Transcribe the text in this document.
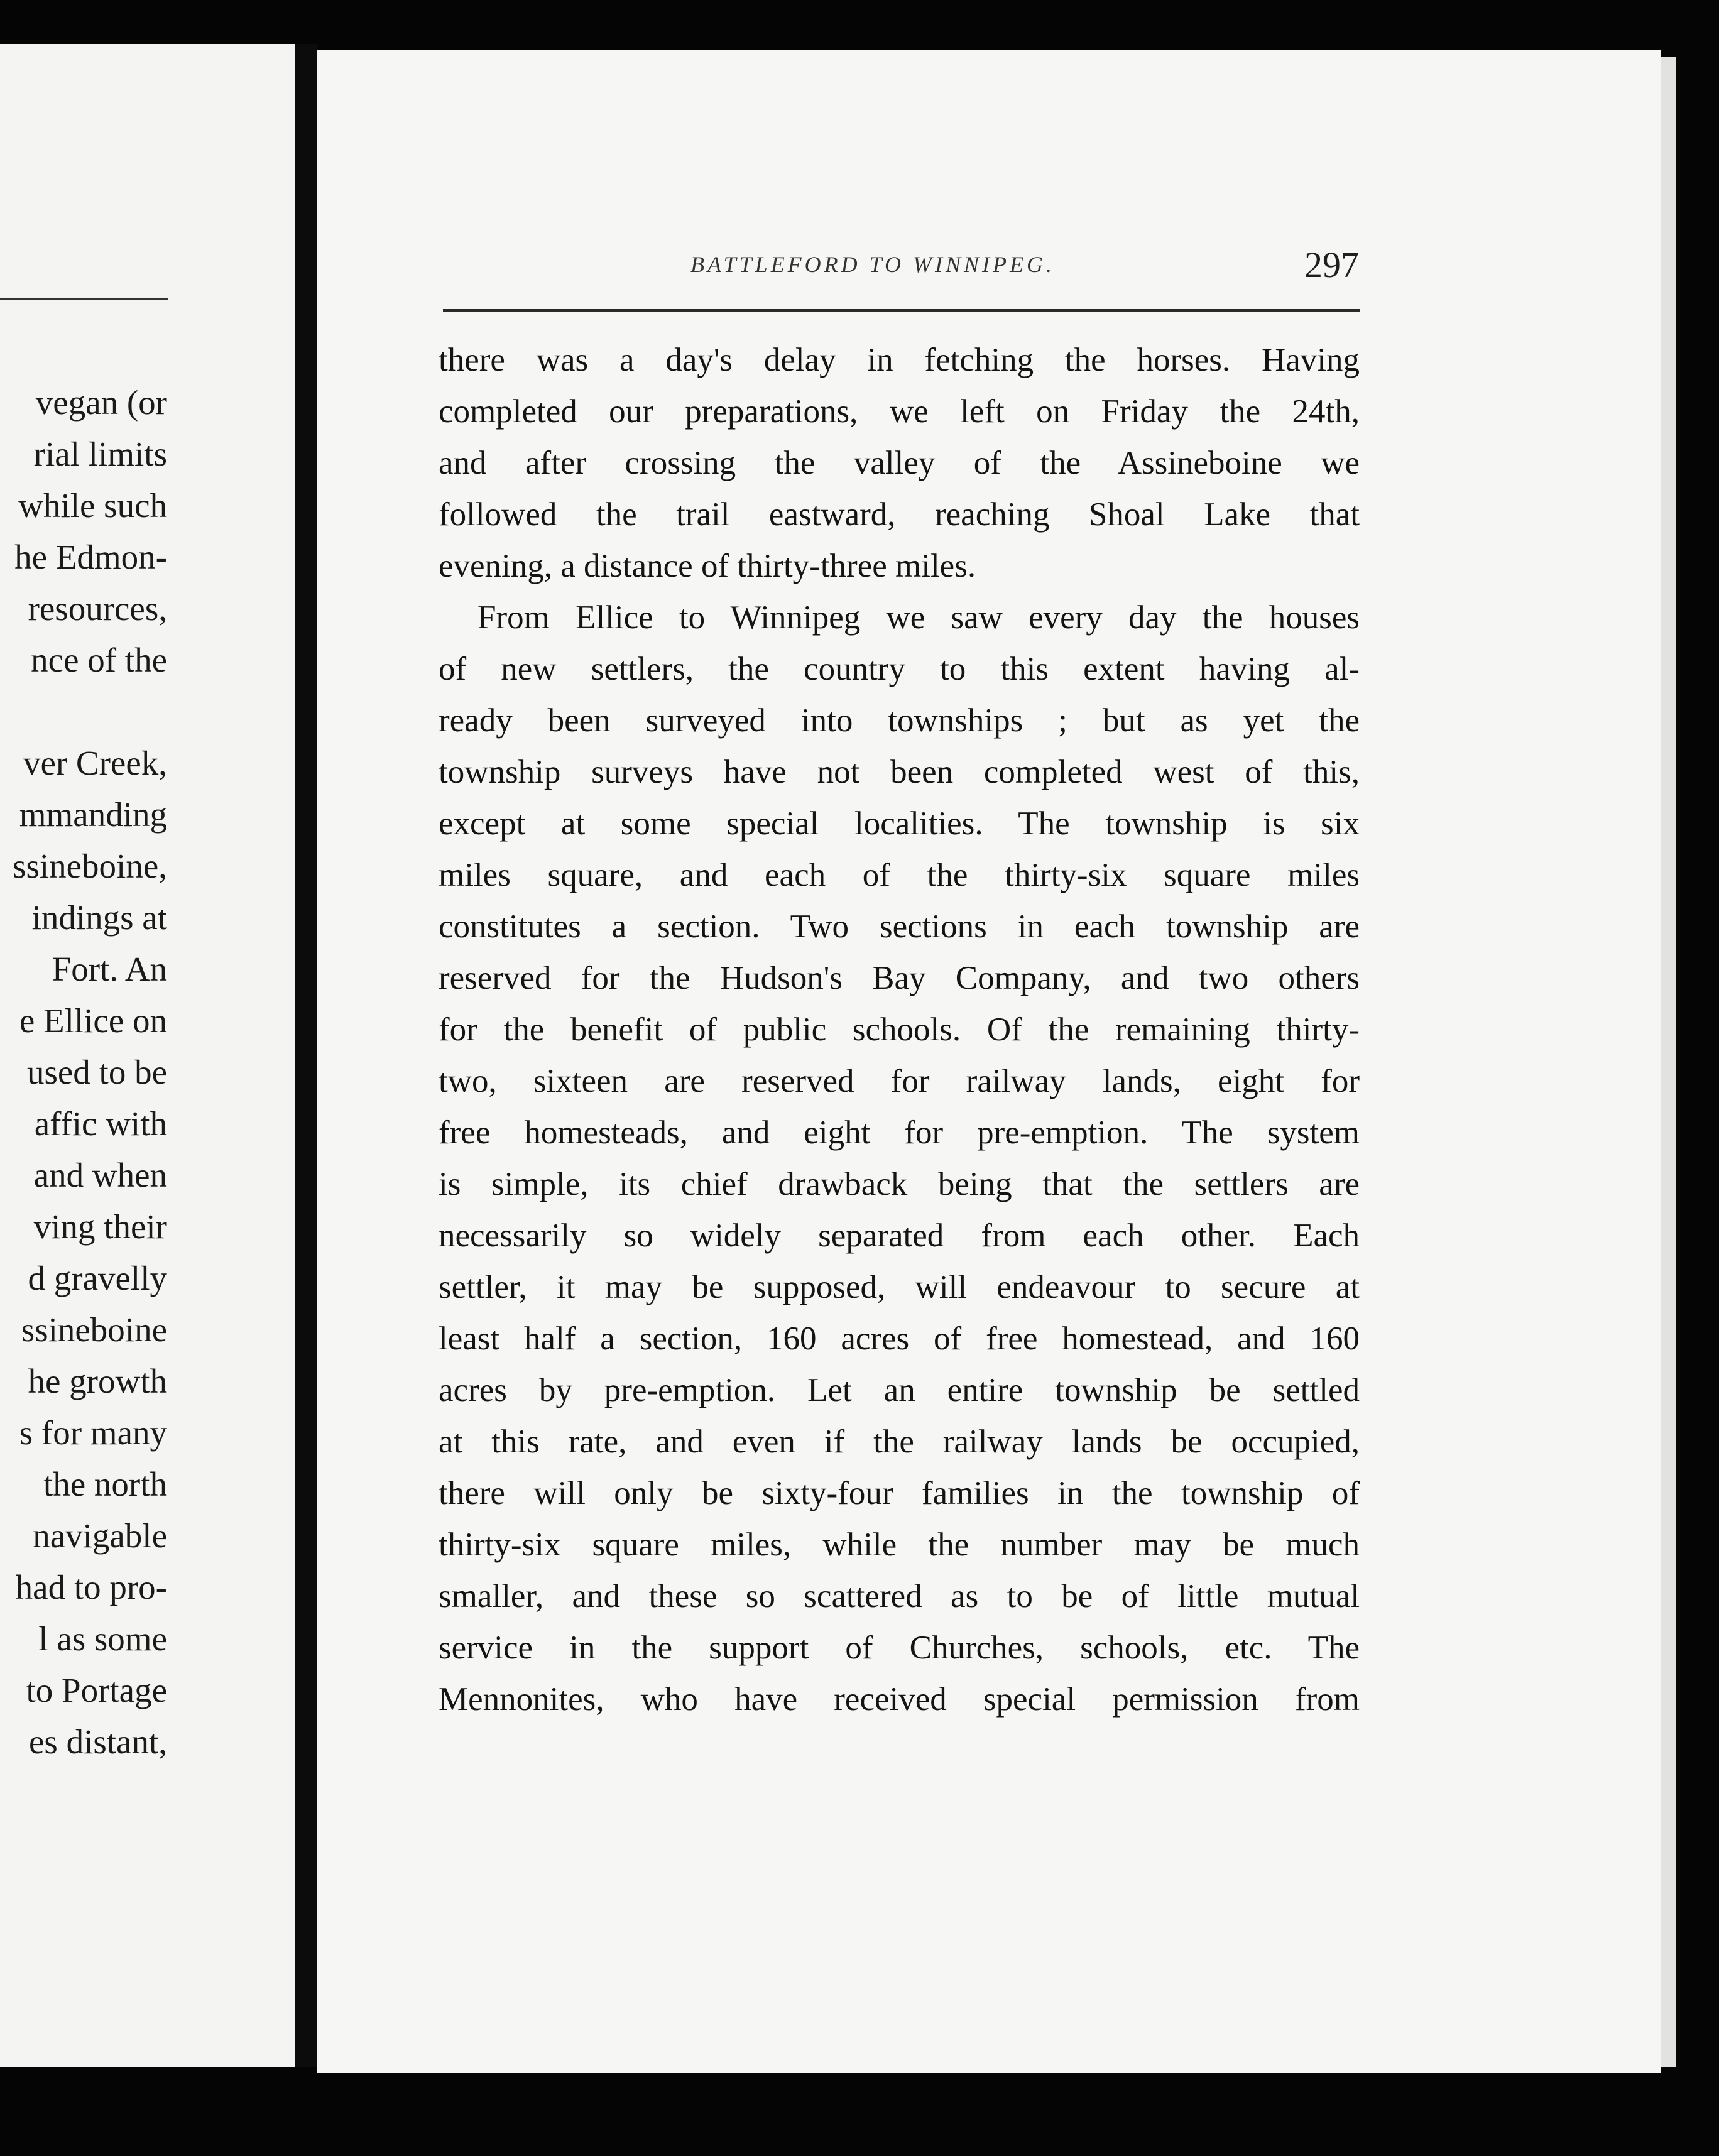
vegan (or
rial limits
while such
he Edmon-
resources,
nce of the

ver Creek,
mmanding
ssineboine,
indings at
Fort. An
e Ellice on
used to be
affic with
and when
ving their
d gravelly
ssineboine
he growth
s for many
the north
navigable
had to pro-
l as some
to Portage
es distant,
BATTLEFORD TO WINNIPEG.	297
there was a day's delay in fetching the horses. Having
completed our preparations, we left on Friday the 24th,
and after crossing the valley of the Assineboine we
followed the trail eastward, reaching Shoal Lake that
evening, a distance of thirty-three miles.
From Ellice to Winnipeg we saw every day the houses
of new settlers, the country to this extent having al-
ready been surveyed into townships ; but as yet the
township surveys have not been completed west of this,
except at some special localities. The township is six
miles square, and each of the thirty-six square miles
constitutes a section. Two sections in each township are
reserved for the Hudson's Bay Company, and two others
for the benefit of public schools. Of the remaining thirty-
two, sixteen are reserved for railway lands, eight for
free homesteads, and eight for pre-emption. The system
is simple, its chief drawback being that the settlers are
necessarily so widely separated from each other. Each
settler, it may be supposed, will endeavour to secure at
least half a section, 160 acres of free homestead, and 160
acres by pre-emption. Let an entire township be settled
at this rate, and even if the railway lands be occupied,
there will only be sixty-four families in the township of
thirty-six square miles, while the number may be much
smaller, and these so scattered as to be of little mutual
service in the support of Churches, schools, etc. The
Mennonites, who have received special permission from
